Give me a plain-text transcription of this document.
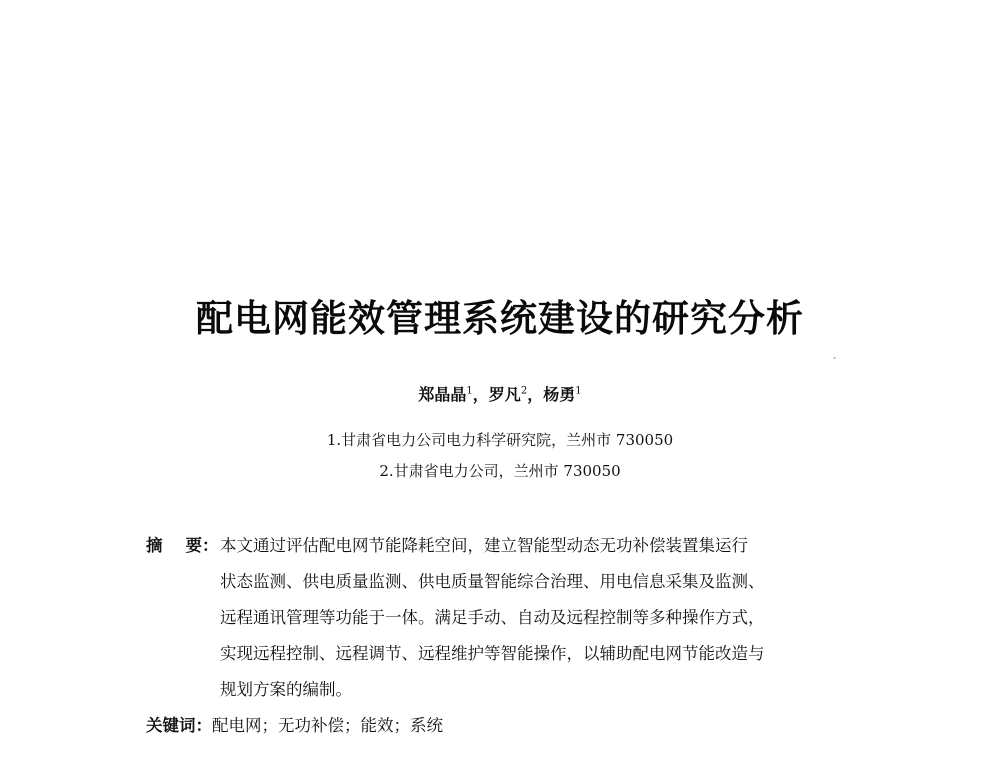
配电网能效管理系统建设的研究分析
郑晶晶$^1$，罗凡$^2$，杨勇$^1$
1.甘肃省电力公司电力科学研究院，兰州市 730050
2.甘肃省电力公司，兰州市 730050
摘    要： 本文通过评估配电网节能降耗空间，建立智能型动态无功补偿装置集运行
状态监测、供电质量监测、供电质量智能综合治理、用电信息采集及监测、
远程通讯管理等功能于一体。满足手动、自动及远程控制等多种操作方式，
实现远程控制、远程调节、远程维护等智能操作，以辅助配电网节能改造与
规划方案的编制。
关键词：配电网；无功补偿；能效；系统
